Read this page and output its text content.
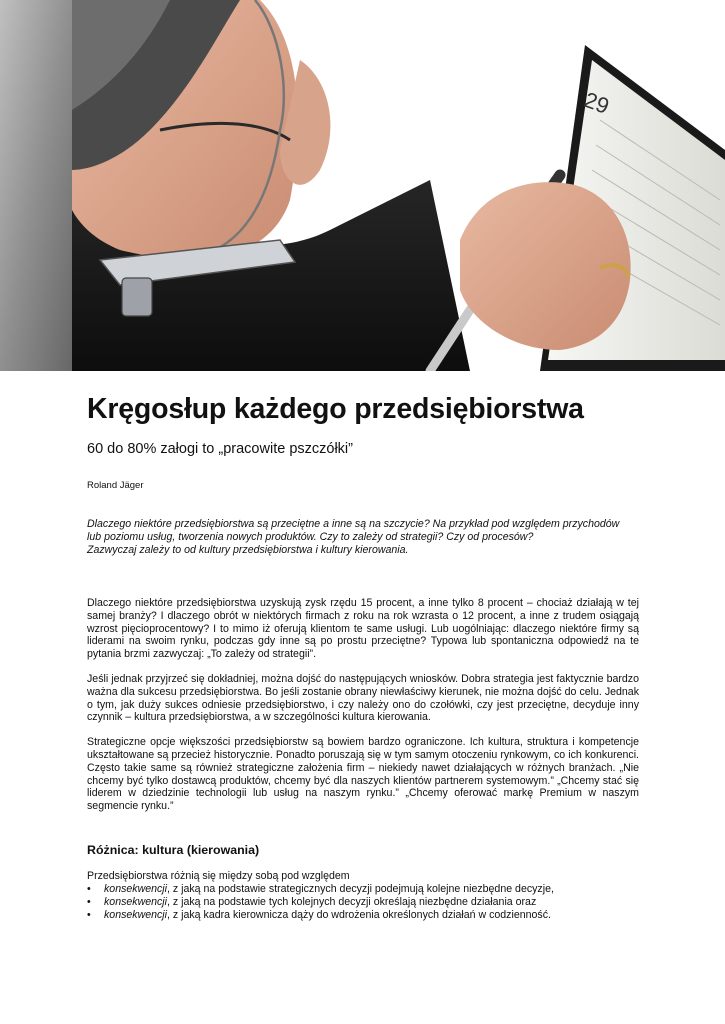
29
Kręgosłup każdego przedsiębiorstwa

60 do 80% załogi to „pracowite pszczółki”

Roland Jäger

Dlaczego niektóre przedsiębiorstwa są przeciętne a inne są na szczycie? Na przykład pod względem przychodów
lub poziomu usług, tworzenia nowych produktów. Czy to zależy od strategii? Czy od procesów?
Zazwyczaj zależy to od kultury przedsiębiorstwa i kultury kierowania.

Dlaczego niektóre przedsiębiorstwa uzyskują zysk rzędu 15 procent, a inne tylko 8 procent – chociaż działają w tej samej branży? I dlaczego obrót w niektórych firmach z roku na rok wzrasta o 12 procent, a inne z trudem osiągają wzrost pięcioprocentowy? I to mimo iż oferują klientom te same usługi. Lub uogólniając: dlaczego niektóre firmy są liderami na swoim rynku, podczas gdy inne są po prostu przeciętne? Typowa lub spontaniczna odpowiedź na te pytania brzmi zazwyczaj: „To zależy od strategii”.

Jeśli jednak przyjrzeć się dokładniej, można dojść do następujących wniosków. Dobra strategia jest faktycznie bardzo ważna dla sukcesu przedsiębiorstwa. Bo jeśli zostanie obrany niewłaściwy kierunek, nie można dojść do celu. Jednak o tym, jak duży sukces odniesie przedsiębiorstwo, i czy należy ono do czołówki, czy jest przeciętne, decyduje inny czynnik – kultura przedsiębiorstwa, a w szczególności kultura kierowania.

Strategiczne opcje większości przedsiębiorstw są bowiem bardzo ograniczone. Ich kultura, struktura i kompetencje ukształtowane są przecież historycznie. Ponadto poruszają się w tym samym otoczeniu rynkowym, co ich konkurenci. Często takie same są również strategiczne założenia firm – niekiedy nawet działających w różnych branżach. „Nie chcemy być tylko dostawcą produktów, chcemy być dla naszych klientów partnerem systemowym.” „Chcemy stać się liderem w dziedzinie technologii lub usług na naszym rynku.” „Chcemy oferować markę Premium w naszym segmencie rynku.”

Różnica: kultura (kierowania)

Przedsiębiorstwa różnią się między sobą pod względem

• konsekwencji, z jaką na podstawie strategicznych decyzji podejmują kolejne niezbędne decyzje,
• konsekwencji, z jaką na podstawie tych kolejnych decyzji określają niezbędne działania oraz
• konsekwencji, z jaką kadra kierownicza dąży do wdrożenia określonych działań w codzienność.
